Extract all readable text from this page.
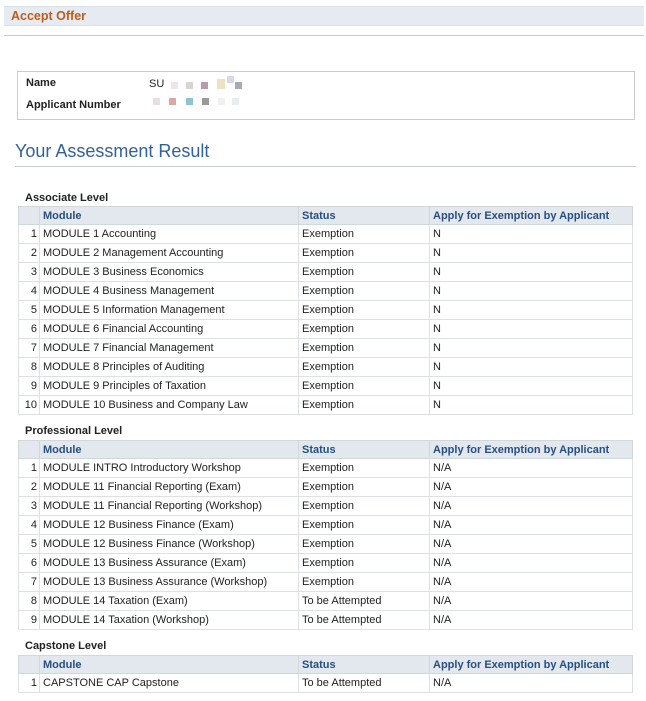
Accept Offer
Name	SU
Applicant Number
Your Assessment Result
Associate Level
	Module	Status	Apply for Exemption by Applicant
1	MODULE 1 Accounting	Exemption	N
2	MODULE 2 Management Accounting	Exemption	N
3	MODULE 3 Business Economics	Exemption	N
4	MODULE 4 Business Management	Exemption	N
5	MODULE 5 Information Management	Exemption	N
6	MODULE 6 Financial Accounting	Exemption	N
7	MODULE 7 Financial Management	Exemption	N
8	MODULE 8 Principles of Auditing	Exemption	N
9	MODULE 9 Principles of Taxation	Exemption	N
10	MODULE 10 Business and Company Law	Exemption	N
Professional Level
	Module	Status	Apply for Exemption by Applicant
1	MODULE INTRO Introductory Workshop	Exemption	N/A
2	MODULE 11 Financial Reporting (Exam)	Exemption	N/A
3	MODULE 11 Financial Reporting (Workshop)	Exemption	N/A
4	MODULE 12 Business Finance (Exam)	Exemption	N/A
5	MODULE 12 Business Finance (Workshop)	Exemption	N/A
6	MODULE 13 Business Assurance (Exam)	Exemption	N/A
7	MODULE 13 Business Assurance (Workshop)	Exemption	N/A
8	MODULE 14 Taxation (Exam)	To be Attempted	N/A
9	MODULE 14 Taxation (Workshop)	To be Attempted	N/A
Capstone Level
	Module	Status	Apply for Exemption by Applicant
1	CAPSTONE CAP Capstone	To be Attempted	N/A
